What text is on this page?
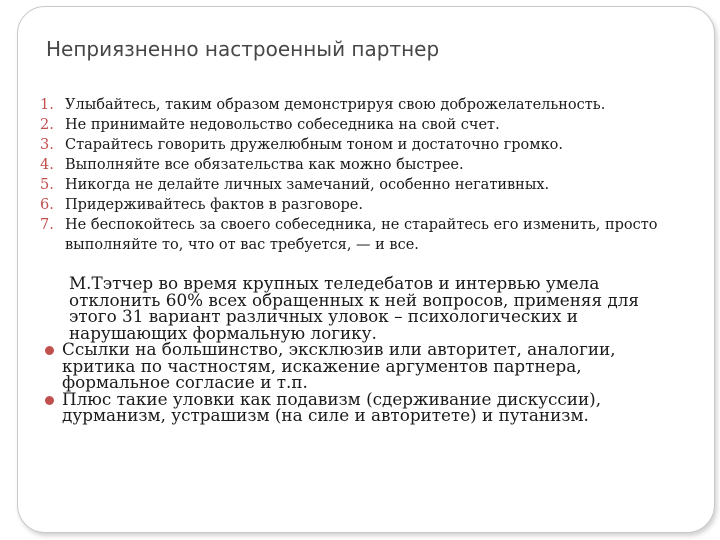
Неприязненно настроенный партнер
1. Улыбайтесь, таким образом демонстрируя свою доброжелательность.
2. Не принимайте недовольство собеседника на свой счет.
3. Старайтесь говорить дружелюбным тоном и достаточно громко.
4. Выполняйте все обязательства как можно быстрее.
5. Никогда не делайте личных замечаний, особенно негативных.
6. Придерживайтесь фактов в разговоре.
7. Не беспокойтесь за своего собеседника, не старайтесь его изменить, просто выполняйте то, что от вас требуется, — и все.

М.Тэтчер во время крупных теледебатов и интервью умела
отклонить 60% всех обращенных к ней вопросов, применяя для
этого 31 вариант различных уловок – психологических и
нарушающих формальную логику.

Ссылки на большинство, эксклюзив или авторитет, аналогии,
критика по частностям, искажение аргументов партнера,
формальное согласие и т.п.
Плюс такие уловки как подавизм (сдерживание дискуссии),
дурманизм, устрашизм (на силе и авторитете) и путанизм.
